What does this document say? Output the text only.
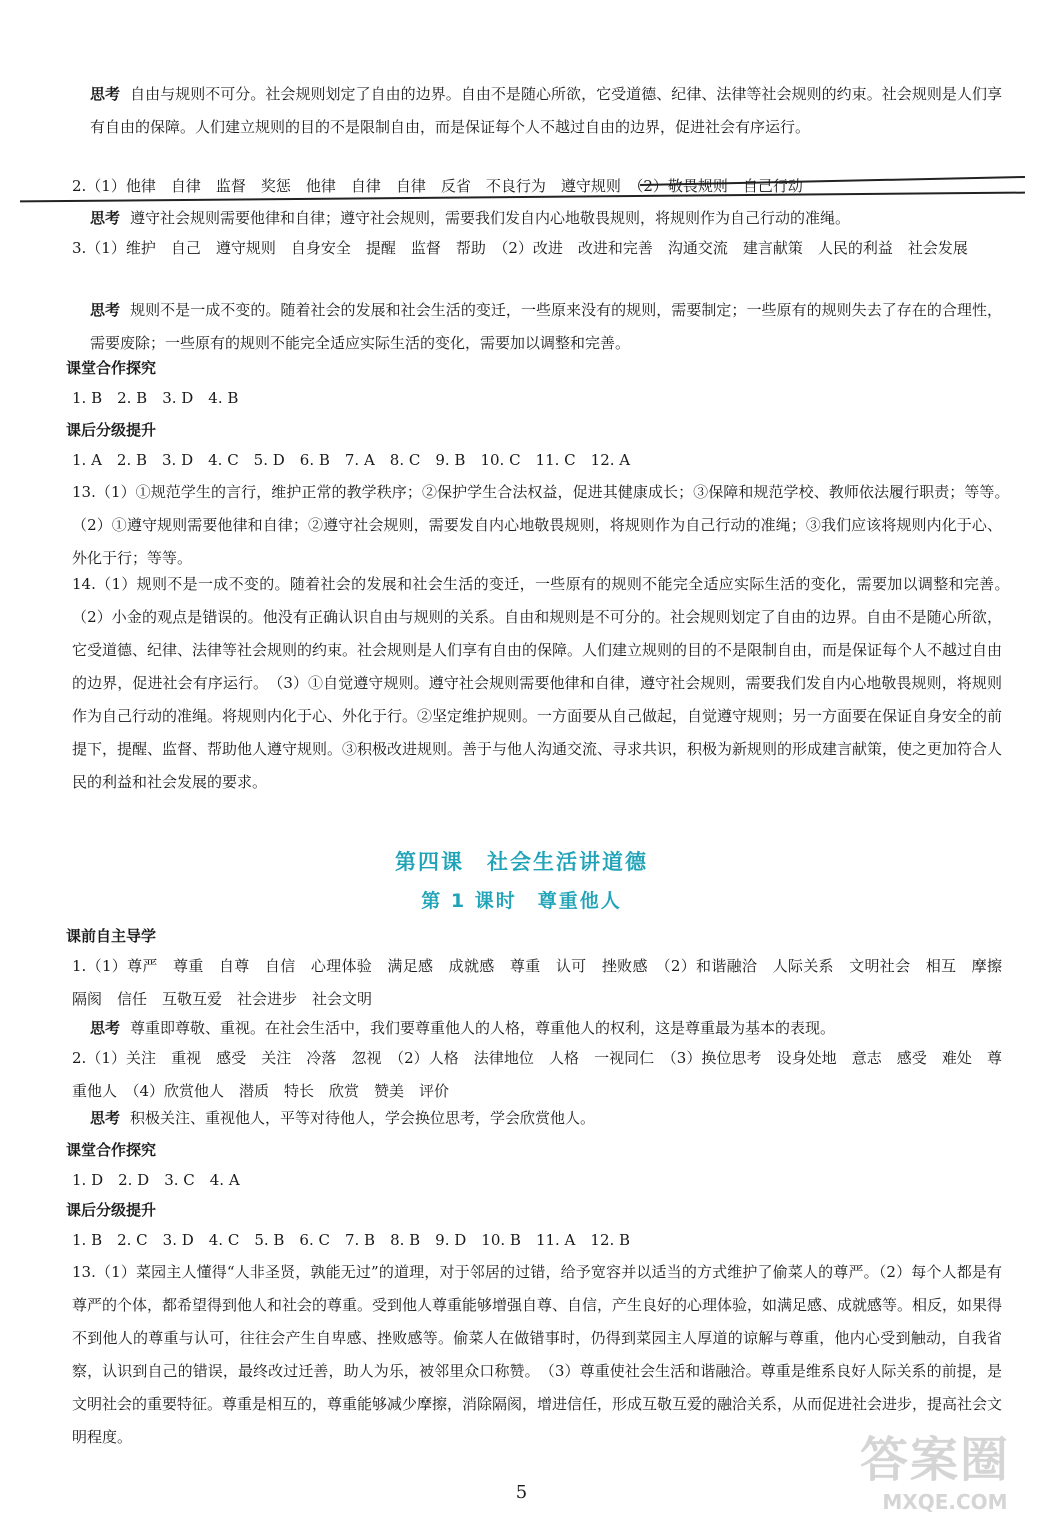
思考 自由与规则不可分。社会规则划定了自由的边界。自由不是随心所欲，它受道德、纪律、法律等社会规则的约束。社会规则是人们享有自由的保障。人们建立规则的目的不是限制自由，而是保证每个人不越过自由的边界，促进社会有序运行。

2.（1）他律　自律　监督　奖惩　他律　自律　自律　反省　不良行为　遵守规则　（2）敬畏规则　自己行动

思考 遵守社会规则需要他律和自律；遵守社会规则，需要我们发自内心地敬畏规则，将规则作为自己行动的准绳。

3.（1）维护　自己　遵守规则　自身安全　提醒　监督　帮助　（2）改进　改进和完善　沟通交流　建言献策　人民的利益　社会发展

思考 规则不是一成不变的。随着社会的发展和社会生活的变迁，一些原来没有的规则，需要制定；一些原有的规则失去了存在的合理性，需要废除；一些原有的规则不能完全适应实际生活的变化，需要加以调整和完善。

课堂合作探究

1. B　2. B　3. D　4. B

课后分级提升

1. A　2. B　3. D　4. C　5. D　6. B　7. A　8. C　9. B　10. C　11. C　12. A

13.（1）①规范学生的言行，维护正常的教学秩序；②保护学生合法权益，促进其健康成长；③保障和规范学校、教师依法履行职责；等等。　（2）①遵守规则需要他律和自律；②遵守社会规则，需要发自内心地敬畏规则，将规则作为自己行动的准绳；③我们应该将规则内化于心、外化于行；等等。

14.（1）规则不是一成不变的。随着社会的发展和社会生活的变迁，一些原有的规则不能完全适应实际生活的变化，需要加以调整和完善。　（2）小金的观点是错误的。他没有正确认识自由与规则的关系。自由和规则是不可分的。社会规则划定了自由的边界。自由不是随心所欲，它受道德、纪律、法律等社会规则的约束。社会规则是人们享有自由的保障。人们建立规则的目的不是限制自由，而是保证每个人不越过自由的边界，促进社会有序运行。　（3）①自觉遵守规则。遵守社会规则需要他律和自律，遵守社会规则，需要我们发自内心地敬畏规则，将规则作为自己行动的准绳。将规则内化于心、外化于行。②坚定维护规则。一方面要从自己做起，自觉遵守规则；另一方面要在保证自身安全的前提下，提醒、监督、帮助他人遵守规则。③积极改进规则。善于与他人沟通交流、寻求共识，积极为新规则的形成建言献策，使之更加符合人民的利益和社会发展的要求。

第四课　社会生活讲道德
第 1 课时　尊重他人
课前自主导学

1.（1）尊严　尊重　自尊　自信　心理体验　满足感　成就感　尊重　认可　挫败感　（2）和谐融洽　人际关系　文明社会　相互　摩擦　隔阂　信任　互敬互爱　社会进步　社会文明

思考 尊重即尊敬、重视。在社会生活中，我们要尊重他人的人格，尊重他人的权利，这是尊重最为基本的表现。

2.（1）关注　重视　感受　关注　冷落　忽视　（2）人格　法律地位　人格　一视同仁　（3）换位思考　设身处地　意志　感受　难处　尊重他人　（4）欣赏他人　潜质　特长　欣赏　赞美　评价

思考 积极关注、重视他人，平等对待他人，学会换位思考，学会欣赏他人。

课堂合作探究

1. D　2. D　3. C　4. A

课后分级提升

1. B　2. C　3. D　4. C　5. B　6. C　7. B　8. B　9. D　10. B　11. A　12. B

13.（1）菜园主人懂得“人非圣贤，孰能无过”的道理，对于邻居的过错，给予宽容并以适当的方式维护了偷菜人的尊严。（2）每个人都是有尊严的个体，都希望得到他人和社会的尊重。受到他人尊重能够增强自尊、自信，产生良好的心理体验，如满足感、成就感等。相反，如果得不到他人的尊重与认可，往往会产生自卑感、挫败感等。偷菜人在做错事时，仍得到菜园主人厚道的谅解与尊重，他内心受到触动，自我省察，认识到自己的错误，最终改过迁善，助人为乐，被邻里众口称赞。　（3）尊重使社会生活和谐融洽。尊重是维系良好人际关系的前提，是文明社会的重要特征。尊重是相互的，尊重能够减少摩擦，消除隔阂，增进信任，形成互敬互爱的融洽关系，从而促进社会进步，提高社会文明程度。

5
答案圈
MXQE.COM
